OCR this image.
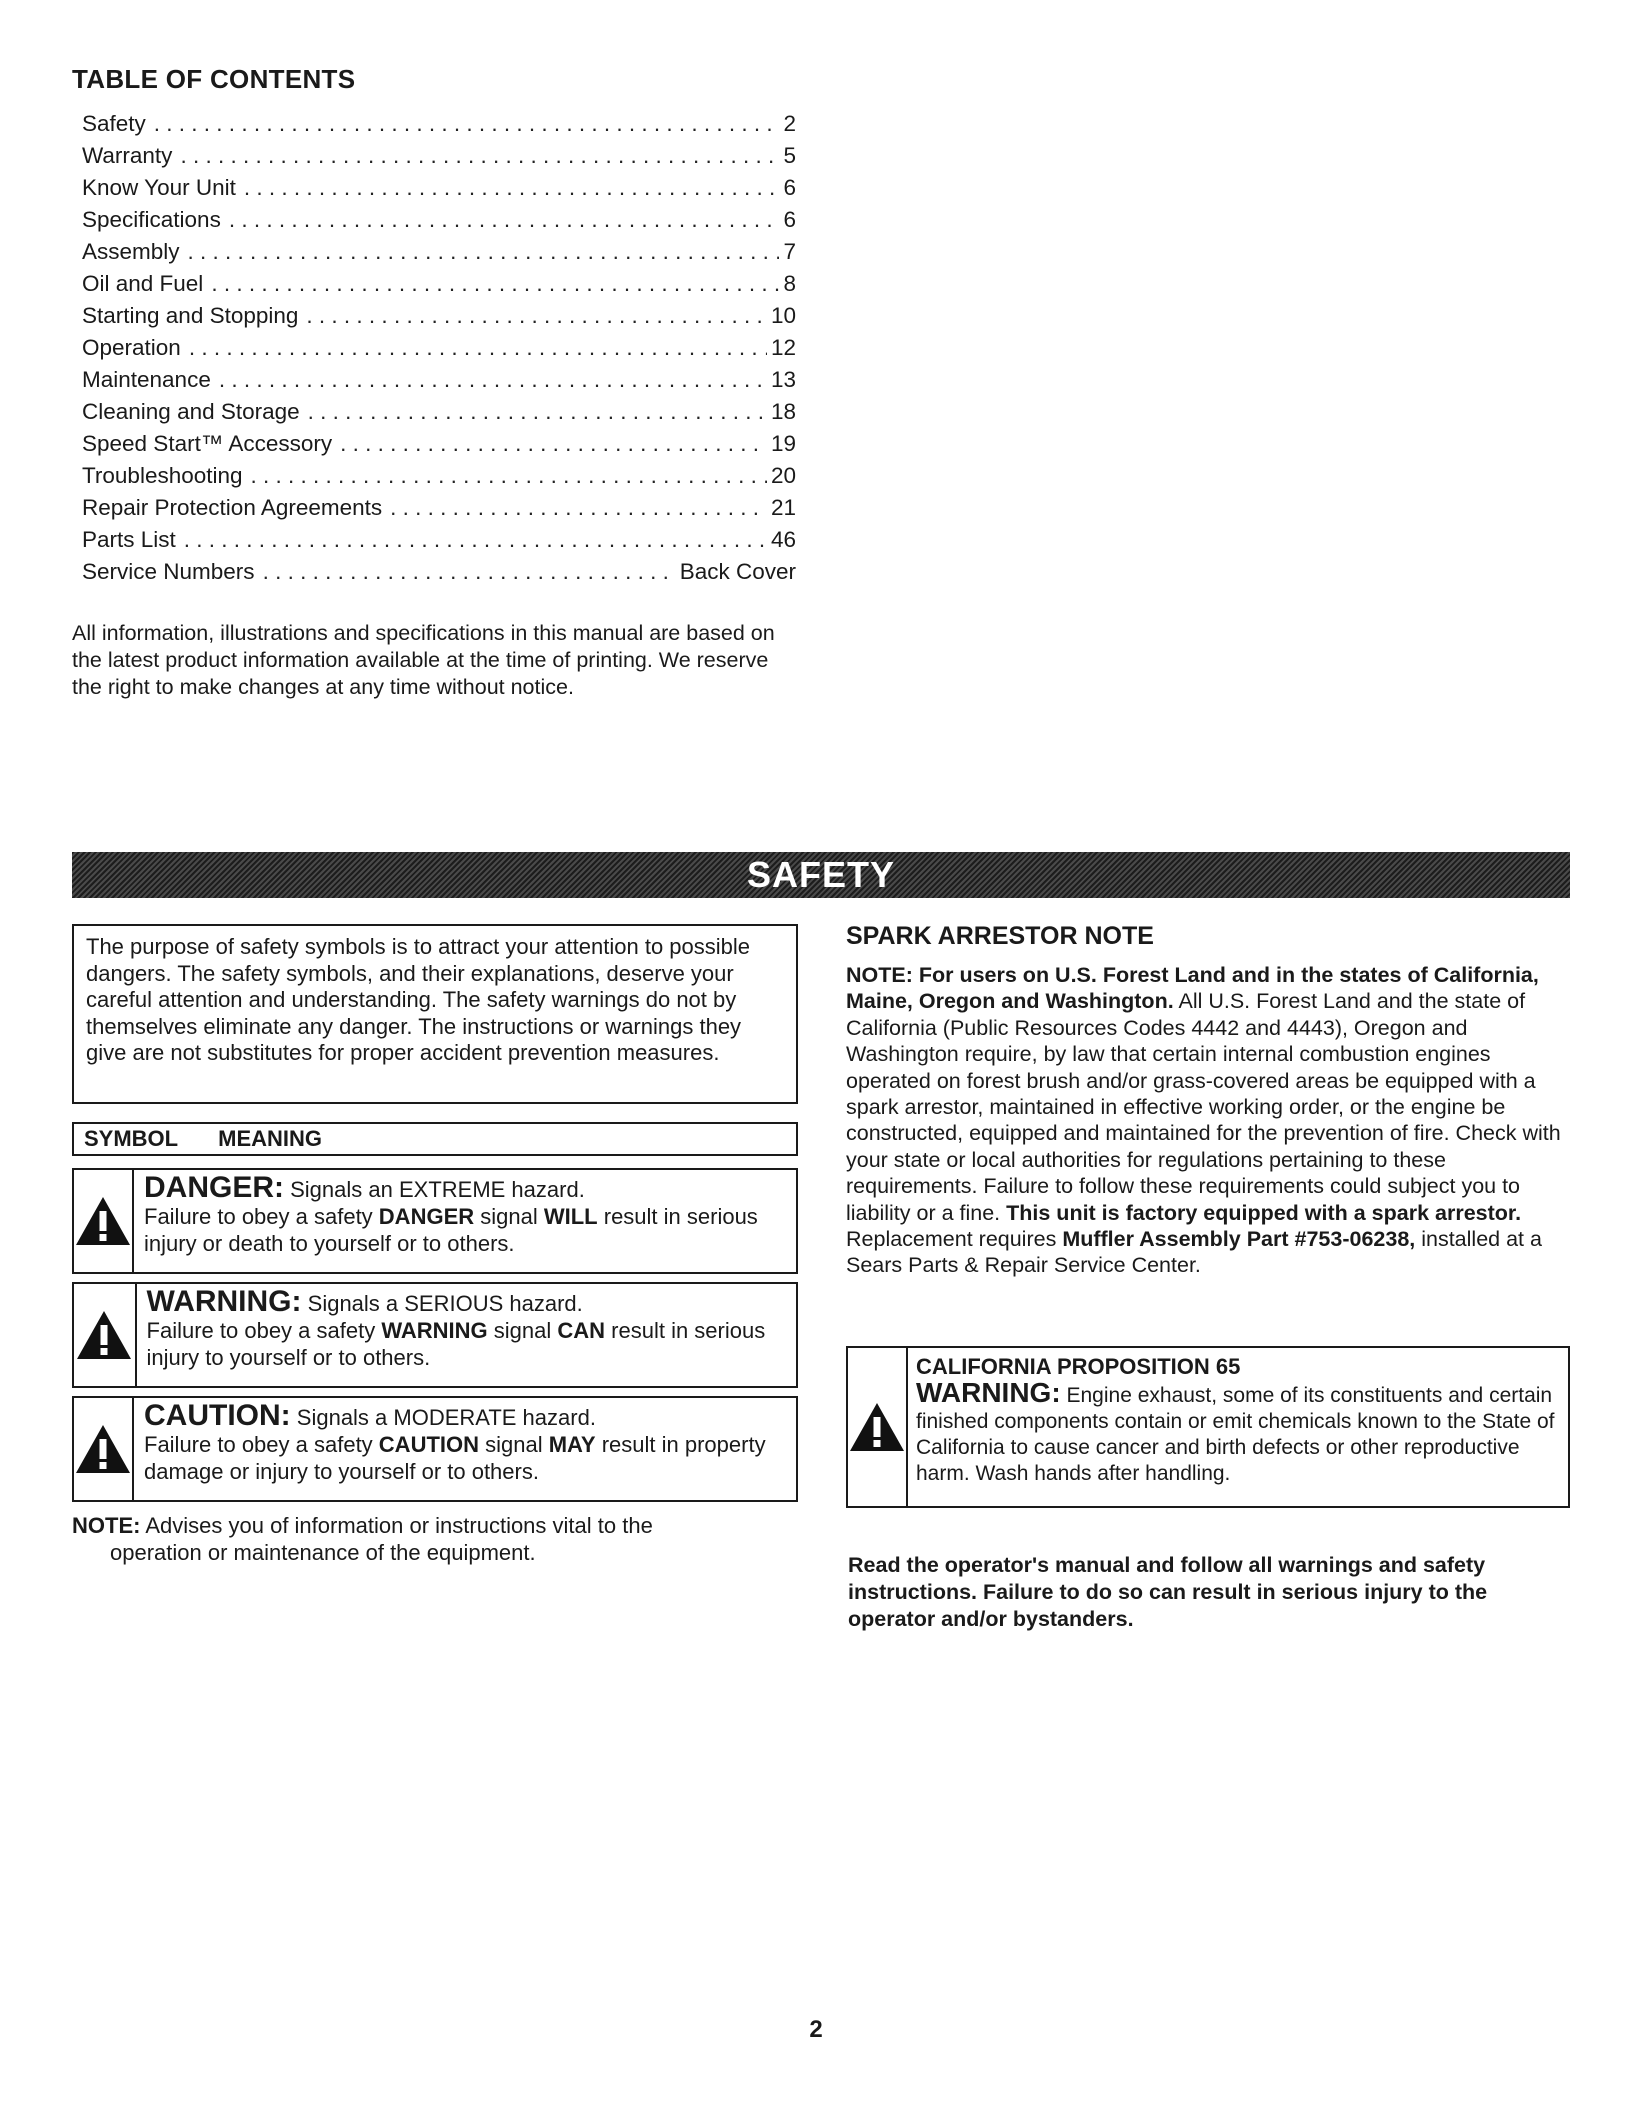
TABLE OF CONTENTS
Safety . . .	2
Warranty . . .	5
Know Your Unit . . .	6
Specifications . . .	6
Assembly . . .	7
Oil and Fuel . . .	8
Starting and Stopping . . .	10
Operation . . .	12
Maintenance . . .	13
Cleaning and Storage . . .	18
Speed Start™ Accessory . . .	19
Troubleshooting . . .	20
Repair Protection Agreements . . .	21
Parts List . . .	46
Service Numbers . . .	Back Cover
All information, illustrations and specifications in this manual are based on the latest product information available at the time of printing. We reserve the right to make changes at any time without notice.
SAFETY
The purpose of safety symbols is to attract your attention to possible dangers. The safety symbols, and their explanations, deserve your careful attention and understanding. The safety warnings do not by themselves eliminate any danger. The instructions or warnings they give are not substitutes for proper accident prevention measures.
SYMBOL MEANING
DANGER: Signals an EXTREME hazard.
Failure to obey a safety DANGER signal WILL result in serious injury or death to yourself or to others.
WARNING: Signals a SERIOUS hazard.
Failure to obey a safety WARNING signal CAN result in serious injury to yourself or to others.
CAUTION: Signals a MODERATE hazard.
Failure to obey a safety CAUTION signal MAY result in property damage or injury to yourself or to others.
NOTE: Advises you of information or instructions vital to the
operation or maintenance of the equipment.
SPARK ARRESTOR NOTE
NOTE: For users on U.S. Forest Land and in the states of California, Maine, Oregon and Washington. All U.S. Forest Land and the state of California (Public Resources Codes 4442 and 4443), Oregon and Washington require, by law that certain internal combustion engines operated on forest brush and/or grass-covered areas be equipped with a spark arrestor, maintained in effective working order, or the engine be constructed, equipped and maintained for the prevention of fire. Check with your state or local authorities for regulations pertaining to these requirements. Failure to follow these requirements could subject you to liability or a fine. This unit is factory equipped with a spark arrestor. Replacement requires Muffler Assembly Part #753-06238, installed at a Sears Parts & Repair Service Center.
CALIFORNIA PROPOSITION 65
WARNING: Engine exhaust, some of its constituents and certain finished components contain or emit chemicals known to the State of California to cause cancer and birth defects or other reproductive harm. Wash hands after handling.
Read the operator's manual and follow all warnings and safety instructions. Failure to do so can result in serious injury to the operator and/or bystanders.
2
